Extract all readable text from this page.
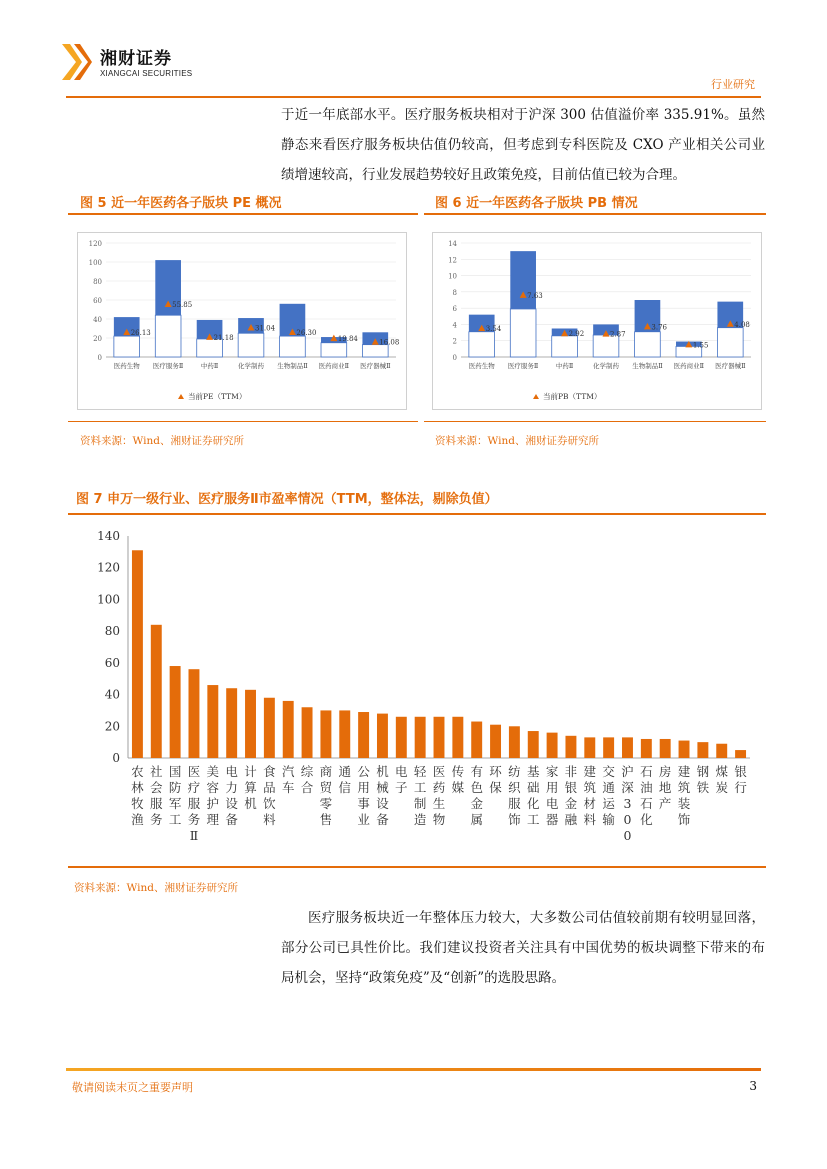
湘财证券
XIANGCAI SECURITIES
行业研究

于近一年底部水平。医疗服务板块相对于沪深 300 估值溢价率 335.91%。虽然静态来看医疗服务板块估值仍较高，但考虑到专科医院及 CXO 产业相关公司业绩增速较高，行业发展趋势较好且政策免疫，目前估值已较为合理。

图 5 近一年医药各子版块 PE 概况
0
20
40
60
80
100
120
26.13
医药生物
55.85
医疗服务Ⅱ
21.18
中药Ⅱ
31.04
化学制药
26.30
生物制品Ⅱ
19.84
医药商业Ⅱ
16.08
医疗器械Ⅱ
当前PE（TTM）
资料来源：Wind、湘财证券研究所
图 6 近一年医药各子版块 PB 情况
0
2
4
6
8
10
12
14
3.54
医药生物
7.63
医疗服务Ⅱ
2.92
中药Ⅱ
2.87
化学制药
3.76
生物制品Ⅱ
1.55
医药商业Ⅱ
4.08
医疗器械Ⅱ
当前PB（TTM）
资料来源：Wind、湘财证券研究所
图 7 申万一级行业、医疗服务Ⅱ市盈率情况（TTM，整体法，剔除负值）
0
20
40
60
80
100
120
140
农林牧渔
社会服务
国防军工
医疗服务 Ⅱ
美容护理
电力设备
计算机
食品饮料
汽车
综合
商贸零售
通信
公用事业
机械设备
电子
轻工制造
医药生物
传媒
有色金属
环保
纺织服饰
基础化工
家用电器
非银金融
建筑材料
交通运输
沪深 3 0 0
石油石化
房地产
建筑装饰
钢铁
煤炭
银行
资料来源：Wind、湘财证券研究所

医疗服务板块近一年整体压力较大，大多数公司估值较前期有较明显回落，部分公司已具性价比。我们建议投资者关注具有中国优势的板块调整下带来的布局机会，坚持“政策免疫”及“创新”的选股思路。

敬请阅读末页之重要声明	3
